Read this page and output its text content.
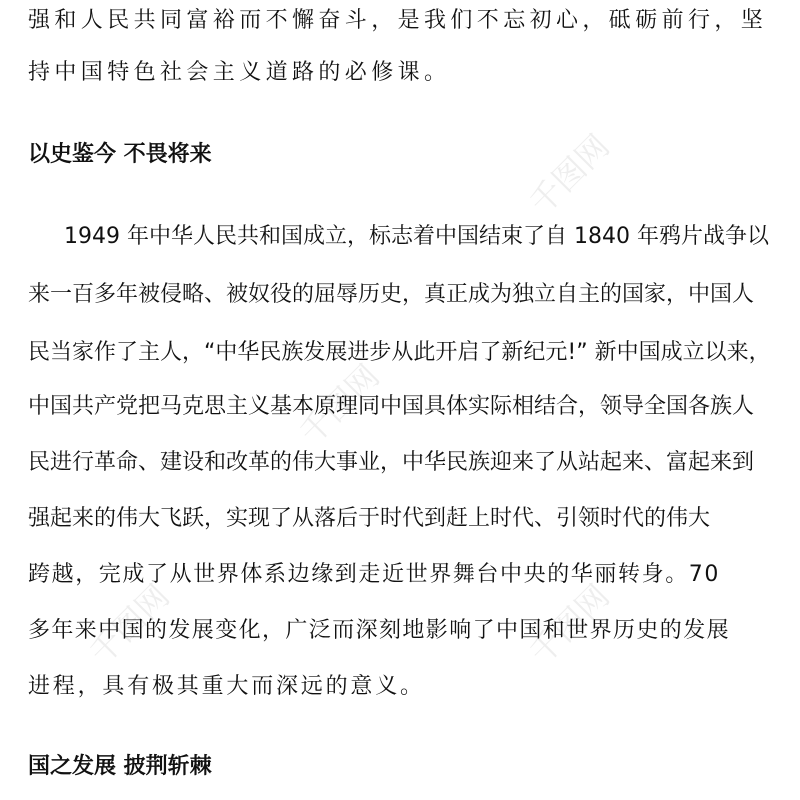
千图网
千图网
千图网	千图网
强和人民共同富裕而不懈奋斗，是我们不忘初心，砥砺前行，坚
持中国特色社会主义道路的必修课。
以史鉴今 不畏将来
1949 年中华人民共和国成立，标志着中国结束了自 1840 年鸦片战争以
来一百多年被侵略、被奴役的屈辱历史，真正成为独立自主的国家，中国人
民当家作了主人，“中华民族发展进步从此开启了新纪元!” 新中国成立以来，
中国共产党把马克思主义基本原理同中国具体实际相结合，领导全国各族人
民进行革命、建设和改革的伟大事业，中华民族迎来了从站起来、富起来到
强起来的伟大飞跃，实现了从落后于时代到赶上时代、引领时代的伟大
跨越，完成了从世界体系边缘到走近世界舞台中央的华丽转身。70
多年来中国的发展变化，广泛而深刻地影响了中国和世界历史的发展
进程，具有极其重大而深远的意义。
国之发展 披荆斩棘
